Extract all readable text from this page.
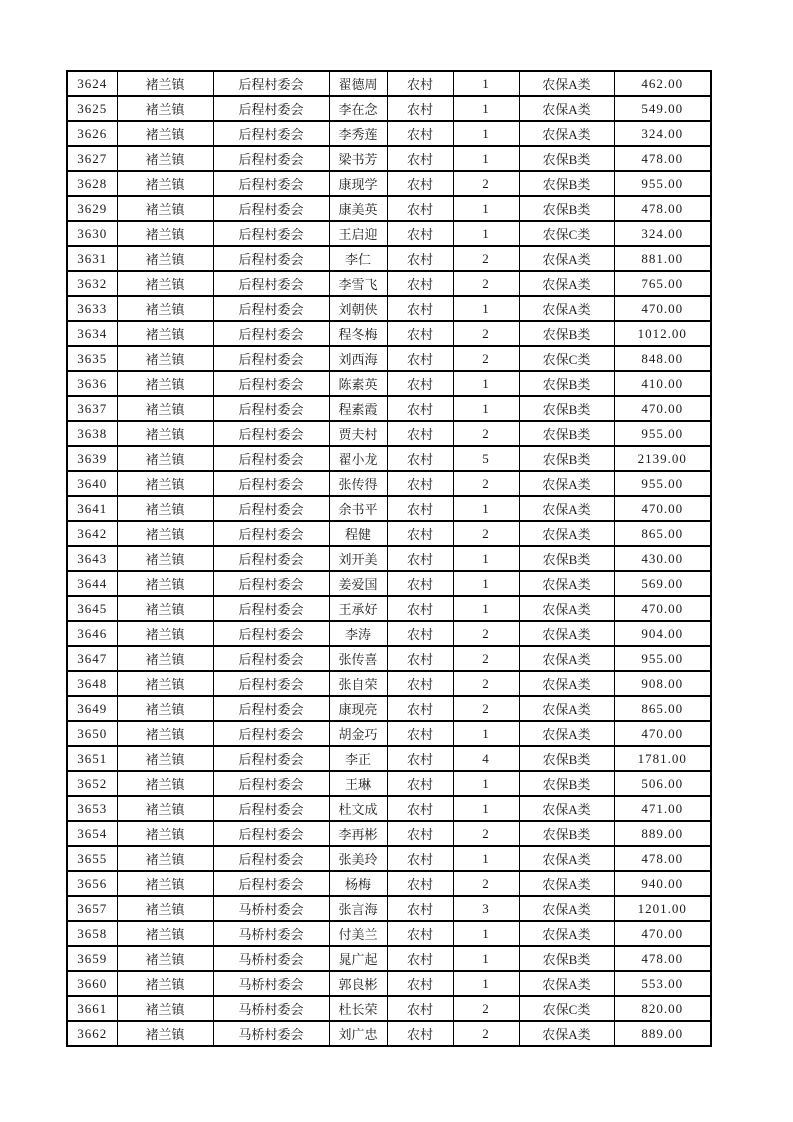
3624	褚兰镇	后程村委会	翟德周	农村	1	农保A类	462.00
3625	褚兰镇	后程村委会	李在念	农村	1	农保A类	549.00
3626	褚兰镇	后程村委会	李秀莲	农村	1	农保A类	324.00
3627	褚兰镇	后程村委会	梁书芳	农村	1	农保B类	478.00
3628	褚兰镇	后程村委会	康现学	农村	2	农保B类	955.00
3629	褚兰镇	后程村委会	康美英	农村	1	农保B类	478.00
3630	褚兰镇	后程村委会	王启迎	农村	1	农保C类	324.00
3631	褚兰镇	后程村委会	李仁	农村	2	农保A类	881.00
3632	褚兰镇	后程村委会	李雪飞	农村	2	农保A类	765.00
3633	褚兰镇	后程村委会	刘朝侠	农村	1	农保A类	470.00
3634	褚兰镇	后程村委会	程冬梅	农村	2	农保B类	1012.00
3635	褚兰镇	后程村委会	刘西海	农村	2	农保C类	848.00
3636	褚兰镇	后程村委会	陈素英	农村	1	农保B类	410.00
3637	褚兰镇	后程村委会	程素霞	农村	1	农保B类	470.00
3638	褚兰镇	后程村委会	贾夫村	农村	2	农保B类	955.00
3639	褚兰镇	后程村委会	翟小龙	农村	5	农保B类	2139.00
3640	褚兰镇	后程村委会	张传得	农村	2	农保A类	955.00
3641	褚兰镇	后程村委会	余书平	农村	1	农保A类	470.00
3642	褚兰镇	后程村委会	程健	农村	2	农保A类	865.00
3643	褚兰镇	后程村委会	刘开美	农村	1	农保B类	430.00
3644	褚兰镇	后程村委会	姜爱国	农村	1	农保A类	569.00
3645	褚兰镇	后程村委会	王承好	农村	1	农保A类	470.00
3646	褚兰镇	后程村委会	李涛	农村	2	农保A类	904.00
3647	褚兰镇	后程村委会	张传喜	农村	2	农保A类	955.00
3648	褚兰镇	后程村委会	张自荣	农村	2	农保A类	908.00
3649	褚兰镇	后程村委会	康现亮	农村	2	农保A类	865.00
3650	褚兰镇	后程村委会	胡金巧	农村	1	农保A类	470.00
3651	褚兰镇	后程村委会	李正	农村	4	农保B类	1781.00
3652	褚兰镇	后程村委会	王琳	农村	1	农保B类	506.00
3653	褚兰镇	后程村委会	杜文成	农村	1	农保A类	471.00
3654	褚兰镇	后程村委会	李再彬	农村	2	农保B类	889.00
3655	褚兰镇	后程村委会	张美玲	农村	1	农保A类	478.00
3656	褚兰镇	后程村委会	杨梅	农村	2	农保A类	940.00
3657	褚兰镇	马桥村委会	张言海	农村	3	农保A类	1201.00
3658	褚兰镇	马桥村委会	付美兰	农村	1	农保A类	470.00
3659	褚兰镇	马桥村委会	晁广起	农村	1	农保B类	478.00
3660	褚兰镇	马桥村委会	郭良彬	农村	1	农保A类	553.00
3661	褚兰镇	马桥村委会	杜长荣	农村	2	农保C类	820.00
3662	褚兰镇	马桥村委会	刘广忠	农村	2	农保A类	889.00
